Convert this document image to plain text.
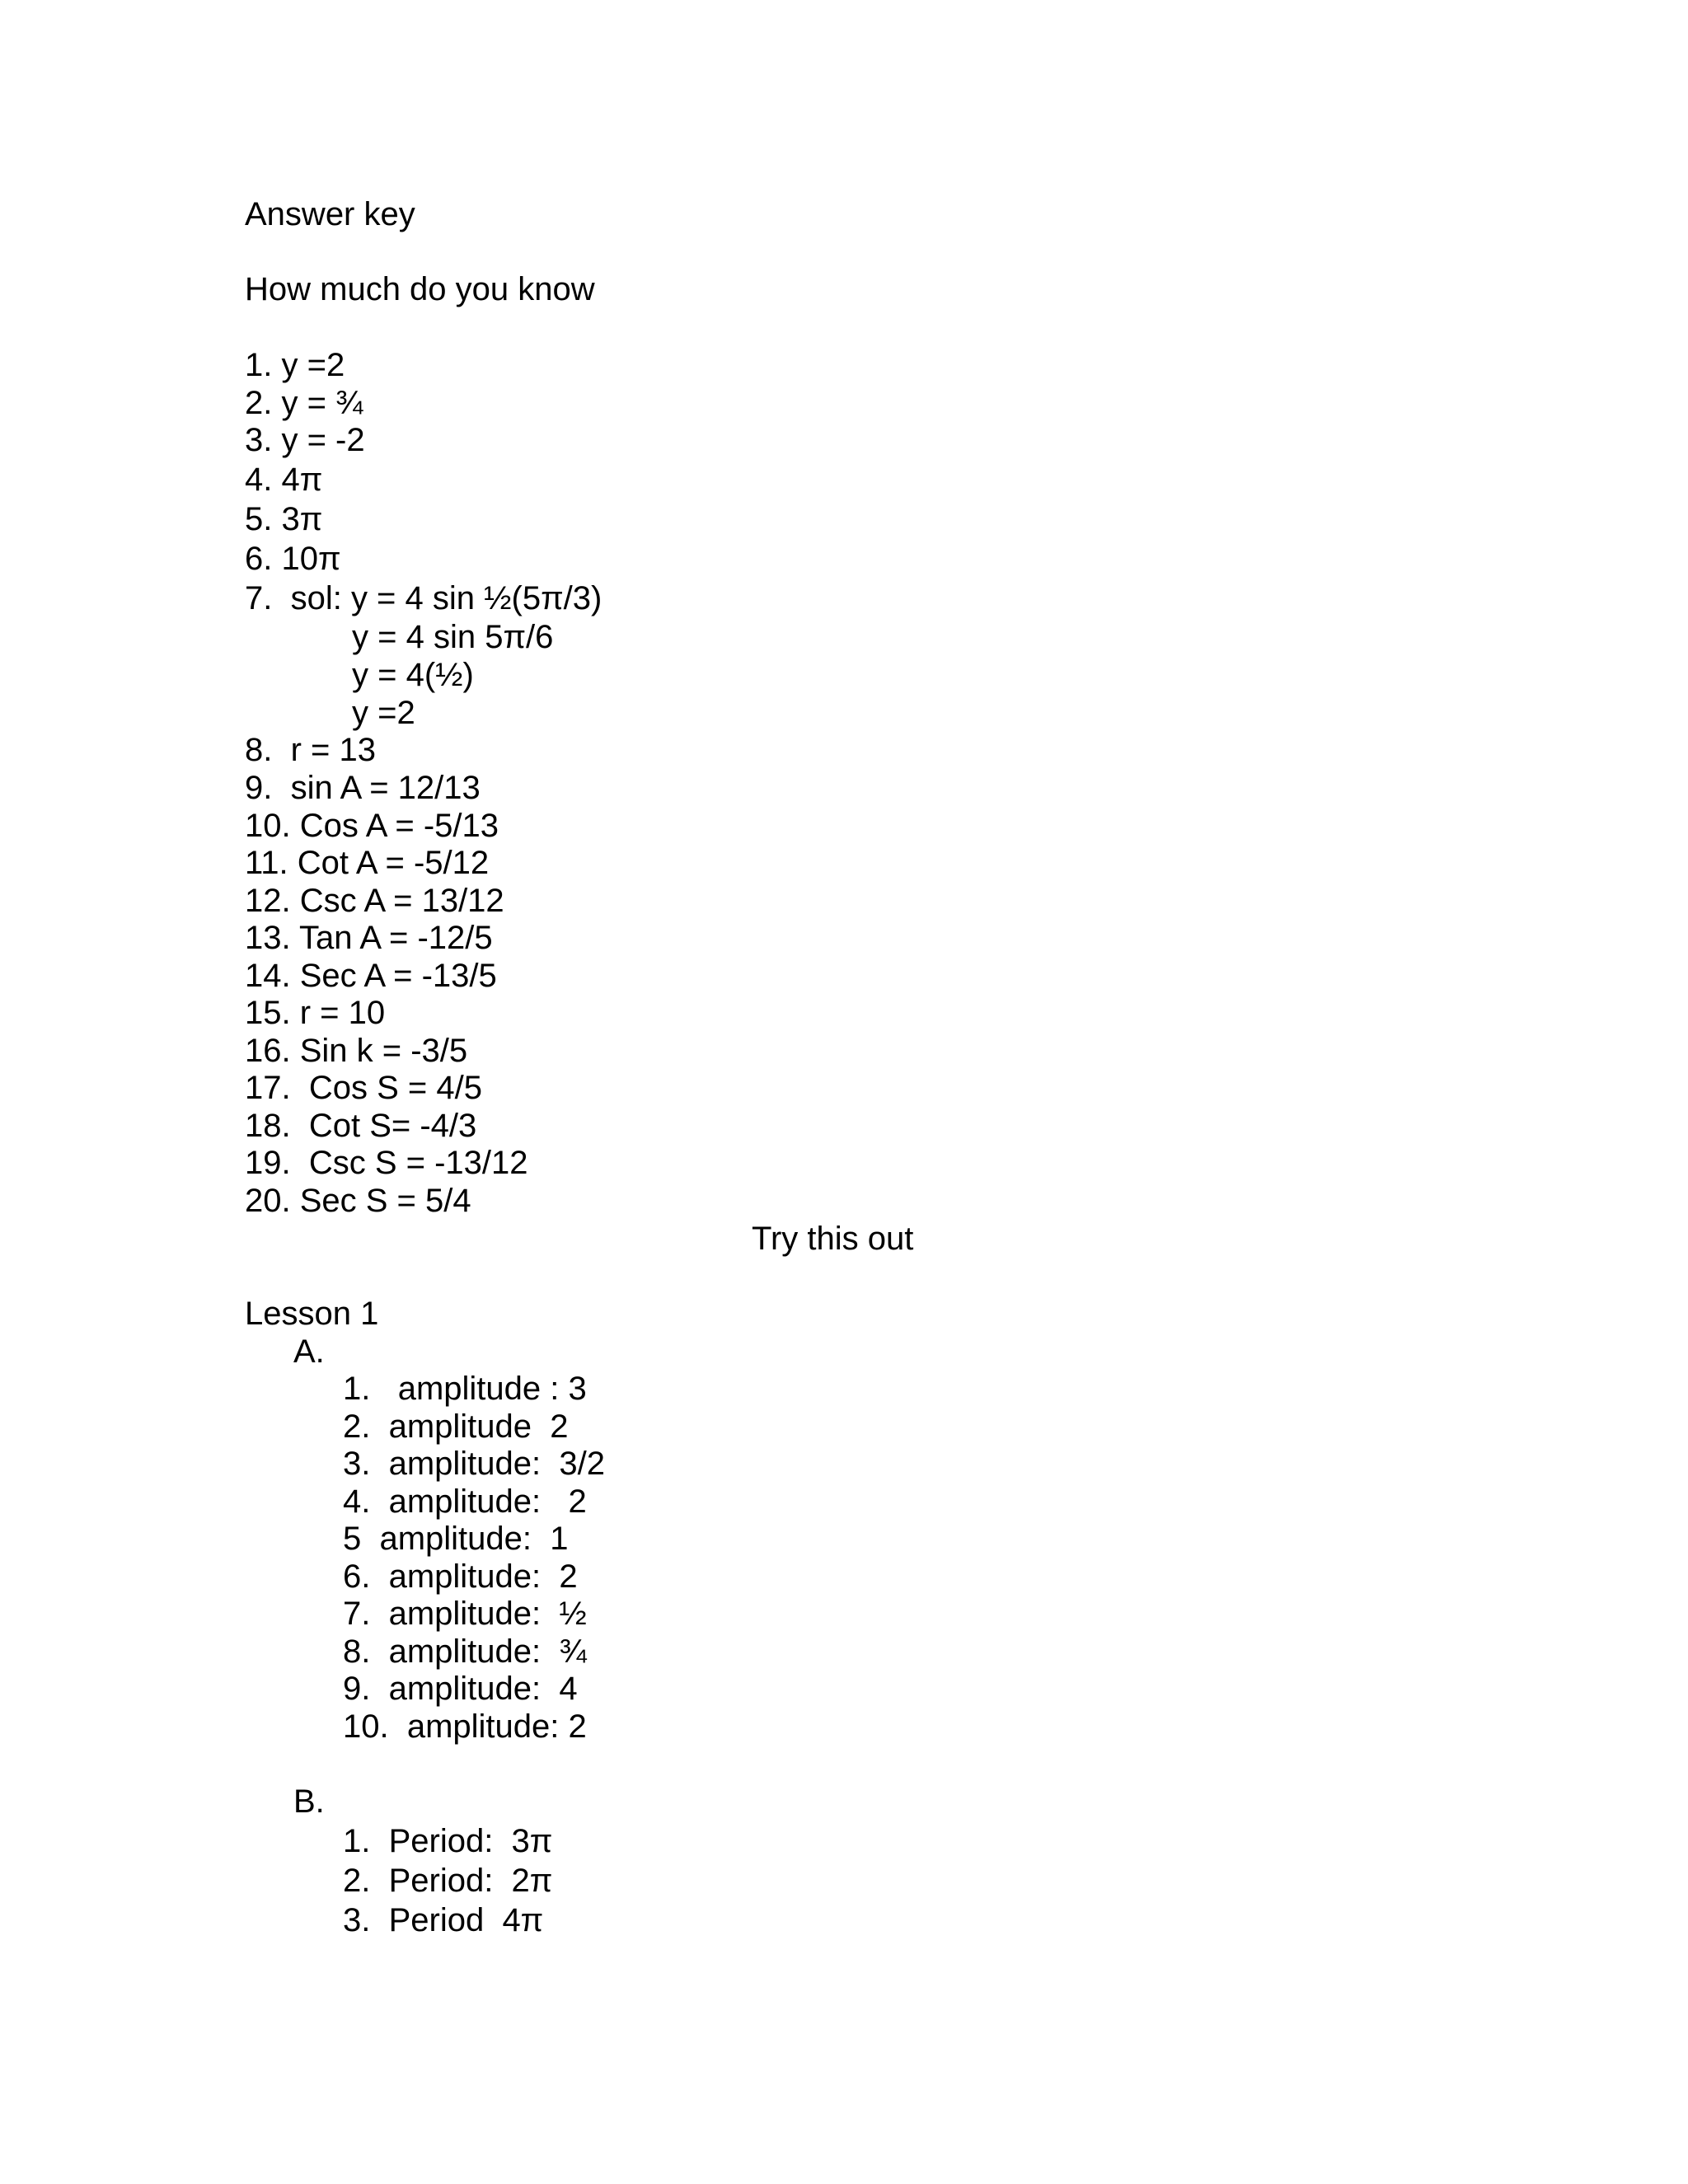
Answer key
How much do you know
1. y =2
2. y = ¾
3. y = -2
4. 4π
5. 3π
6. 10π
7.  sol: y = 4 sin ½(5π/3)
y = 4 sin 5π/6
y = 4(½)
y =2
8.  r = 13
9.  sin A = 12/13
10. Cos A = -5/13
11. Cot A = -5/12
12. Csc A = 13/12
13. Tan A = -12/5
14. Sec A = -13/5
15. r = 10
16. Sin k = -3/5
17.  Cos S = 4/5
18.  Cot S= -4/3
19.  Csc S = -13/12
20. Sec S = 5/4
Try this out
Lesson 1
A.
1.   amplitude : 3
2.  amplitude  2
3.  amplitude:  3/2
4.  amplitude:   2
5  amplitude:  1
6.  amplitude:  2
7.  amplitude:  ½
8.  amplitude:  ¾
9.  amplitude:  4
10.  amplitude: 2
B.
1.  Period:  3π
2.  Period:  2π
3.  Period  4π
